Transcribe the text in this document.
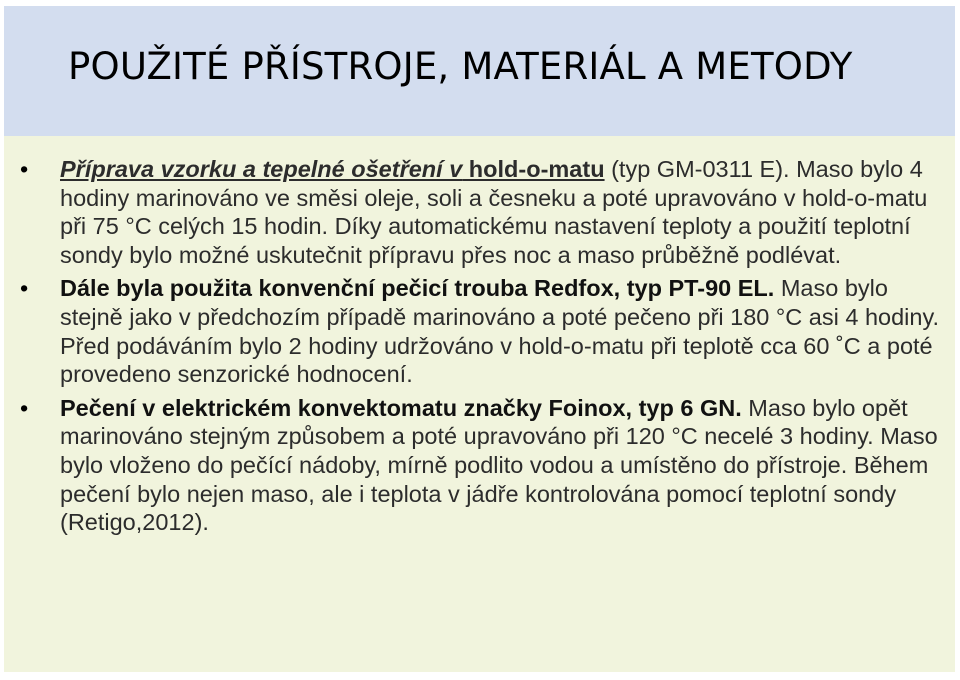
POUŽITÉ PŘÍSTROJE, MATERIÁL A METODY
•	Příprava vzorku a tepelné ošetření v hold-o-matu (typ GM-0311 E). Maso bylo 4 hodiny marinováno ve směsi oleje, soli a česneku a poté upravováno v hold-o-matu při 75 °C celých 15 hodin. Díky automatickému nastavení teploty a použití teplotní sondy bylo možné uskutečnit přípravu přes noc a maso průběžně podlévat.
•	Dále byla použita konvenční pečicí trouba Redfox, typ PT-90 EL. Maso bylo stejně jako v předchozím případě marinováno a poté pečeno při 180 °C asi 4 hodiny. Před podáváním bylo 2 hodiny udržováno v hold-o-matu při teplotě cca 60 ˚C a poté provedeno senzorické hodnocení.
•	Pečení v elektrickém konvektomatu značky Foinox, typ 6 GN. Maso bylo opět marinováno stejným způsobem a poté upravováno při 120 °C necelé 3 hodiny. Maso bylo vloženo do pečící nádoby, mírně podlito vodou a umístěno do přístroje. Během pečení bylo nejen maso, ale i teplota v jádře kontrolována pomocí teplotní sondy (Retigo,2012).
